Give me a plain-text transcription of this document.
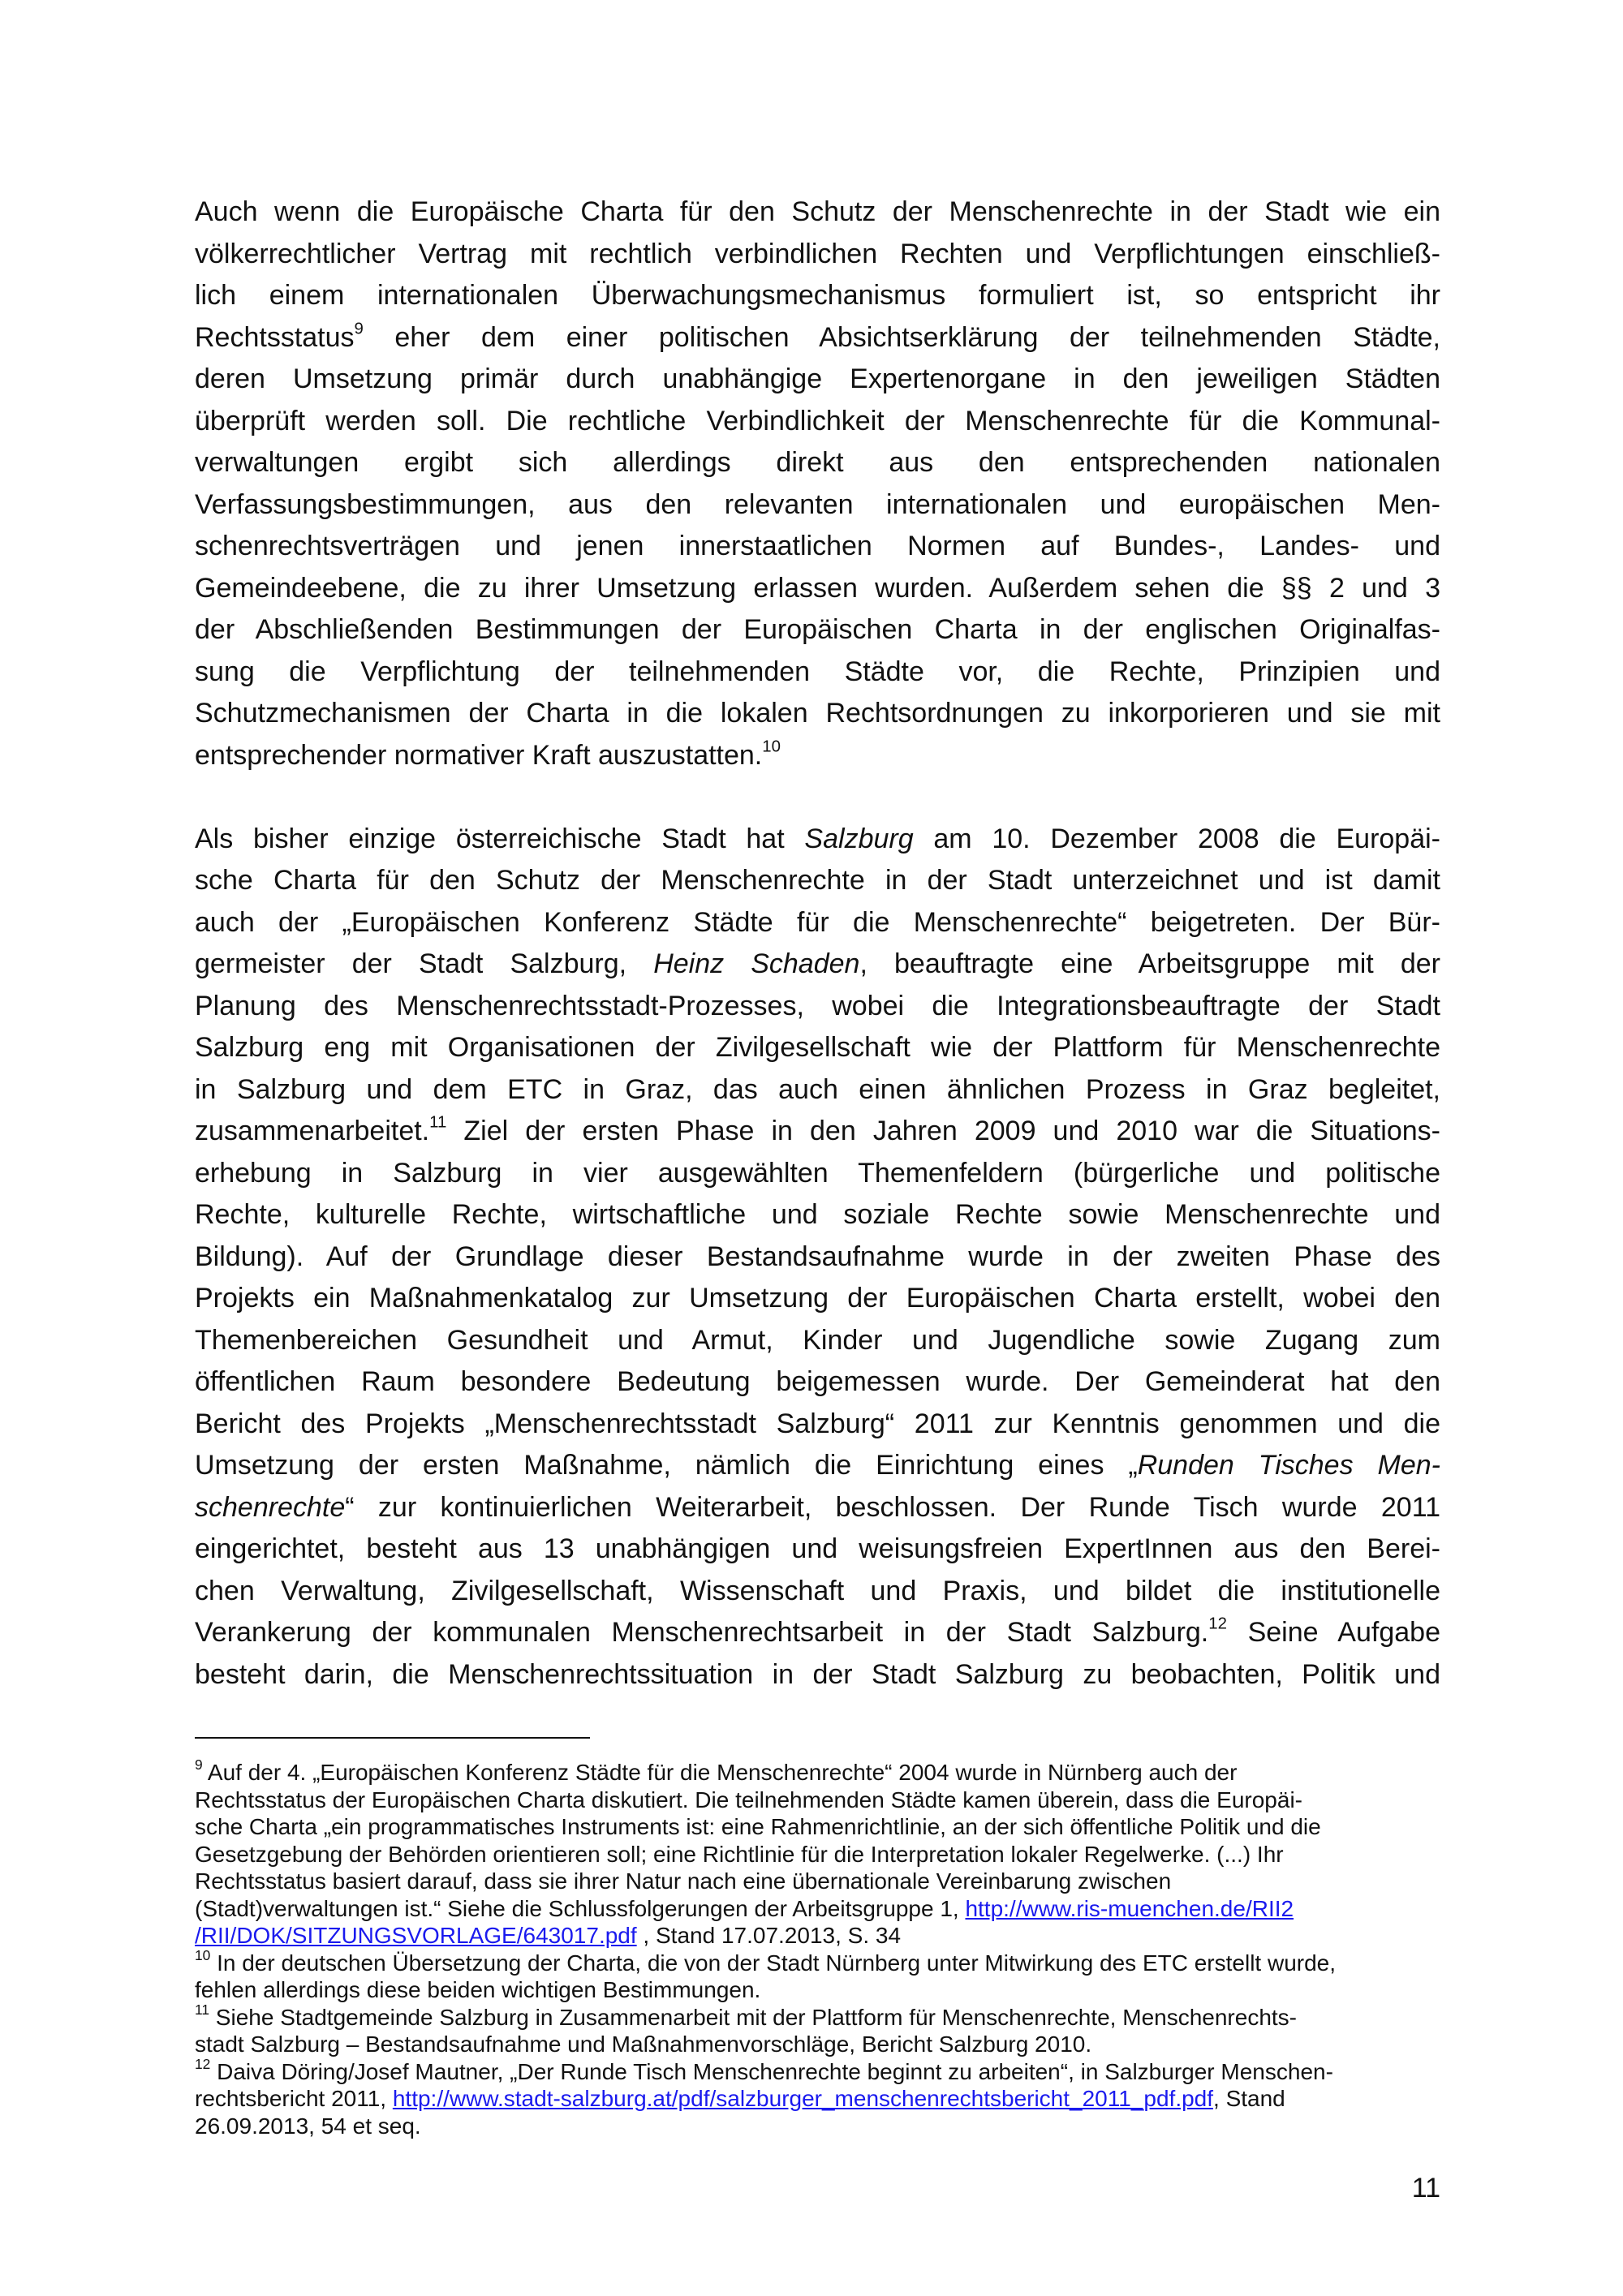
Auch wenn die Europäische Charta für den Schutz der Menschenrechte in der Stadt wie ein
völkerrechtlicher Vertrag mit rechtlich verbindlichen Rechten und Verpflichtungen einschließ-
lich einem internationalen Überwachungsmechanismus formuliert ist, so entspricht ihr
Rechtsstatus$^9$ eher dem einer politischen Absichtserklärung der teilnehmenden Städte,
deren Umsetzung primär durch unabhängige Expertenorgane in den jeweiligen Städten
überprüft werden soll. Die rechtliche Verbindlichkeit der Menschenrechte für die Kommunal-
verwaltungen ergibt sich allerdings direkt aus den entsprechenden nationalen
Verfassungsbestimmungen, aus den relevanten internationalen und europäischen Men-
schenrechtsverträgen und jenen innerstaatlichen Normen auf Bundes-, Landes- und
Gemeindeebene, die zu ihrer Umsetzung erlassen wurden. Außerdem sehen die §§ 2 und 3
der Abschließenden Bestimmungen der Europäischen Charta in der englischen Originalfas-
sung die Verpflichtung der teilnehmenden Städte vor, die Rechte, Prinzipien und
Schutzmechanismen der Charta in die lokalen Rechtsordnungen zu inkorporieren und sie mit
entsprechender normativer Kraft auszustatten.$^{10}$
Als bisher einzige österreichische Stadt hat Salzburg am 10. Dezember 2008 die Europäi-
sche Charta für den Schutz der Menschenrechte in der Stadt unterzeichnet und ist damit
auch der „Europäischen Konferenz Städte für die Menschenrechte“ beigetreten. Der Bür-
germeister der Stadt Salzburg, Heinz Schaden, beauftragte eine Arbeitsgruppe mit der
Planung des Menschenrechtsstadt-Prozesses, wobei die Integrationsbeauftragte der Stadt
Salzburg eng mit Organisationen der Zivilgesellschaft wie der Plattform für Menschenrechte
in Salzburg und dem ETC in Graz, das auch einen ähnlichen Prozess in Graz begleitet,
zusammenarbeitet.$^{11}$ Ziel der ersten Phase in den Jahren 2009 und 2010 war die Situations-
erhebung in Salzburg in vier ausgewählten Themenfeldern (bürgerliche und politische
Rechte, kulturelle Rechte, wirtschaftliche und soziale Rechte sowie Menschenrechte und
Bildung). Auf der Grundlage dieser Bestandsaufnahme wurde in der zweiten Phase des
Projekts ein Maßnahmenkatalog zur Umsetzung der Europäischen Charta erstellt, wobei den
Themenbereichen Gesundheit und Armut, Kinder und Jugendliche sowie Zugang zum
öffentlichen Raum besondere Bedeutung beigemessen wurde. Der Gemeinderat hat den
Bericht des Projekts „Menschenrechtsstadt Salzburg“ 2011 zur Kenntnis genommen und die
Umsetzung der ersten Maßnahme, nämlich die Einrichtung eines „Runden Tisches Men-
schenrechte“ zur kontinuierlichen Weiterarbeit, beschlossen. Der Runde Tisch wurde 2011
eingerichtet, besteht aus 13 unabhängigen und weisungsfreien ExpertInnen aus den Berei-
chen Verwaltung, Zivilgesellschaft, Wissenschaft und Praxis, und bildet die institutionelle
Verankerung der kommunalen Menschenrechtsarbeit in der Stadt Salzburg.$^{12}$ Seine Aufgabe
besteht darin, die Menschenrechtssituation in der Stadt Salzburg zu beobachten, Politik und
$^9$ Auf der 4. „Europäischen Konferenz Städte für die Menschenrechte“ 2004 wurde in Nürnberg auch der
Rechtsstatus der Europäischen Charta diskutiert. Die teilnehmenden Städte kamen überein, dass die Europäi-
sche Charta „ein programmatisches Instruments ist: eine Rahmenrichtlinie, an der sich öffentliche Politik und die
Gesetzgebung der Behörden orientieren soll; eine Richtlinie für die Interpretation lokaler Regelwerke. (...) Ihr
Rechtsstatus basiert darauf, dass sie ihrer Natur nach eine übernationale Vereinbarung zwischen
(Stadt)verwaltungen ist.“ Siehe die Schlussfolgerungen der Arbeitsgruppe 1, http://www.ris-muenchen.de/RII2
/RII/DOK/SITZUNGSVORLAGE/643017.pdf , Stand 17.07.2013, S. 34
$^{10}$ In der deutschen Übersetzung der Charta, die von der Stadt Nürnberg unter Mitwirkung des ETC erstellt wurde,
fehlen allerdings diese beiden wichtigen Bestimmungen.
$^{11}$ Siehe Stadtgemeinde Salzburg in Zusammenarbeit mit der Plattform für Menschenrechte, Menschenrechts-
stadt Salzburg – Bestandsaufnahme und Maßnahmenvorschläge, Bericht Salzburg 2010.
$^{12}$ Daiva Döring/Josef Mautner, „Der Runde Tisch Menschenrechte beginnt zu arbeiten“, in Salzburger Menschen-
rechtsbericht 2011, http://www.stadt-salzburg.at/pdf/salzburger_menschenrechtsbericht_2011_pdf.pdf, Stand
26.09.2013, 54 et seq.
11
